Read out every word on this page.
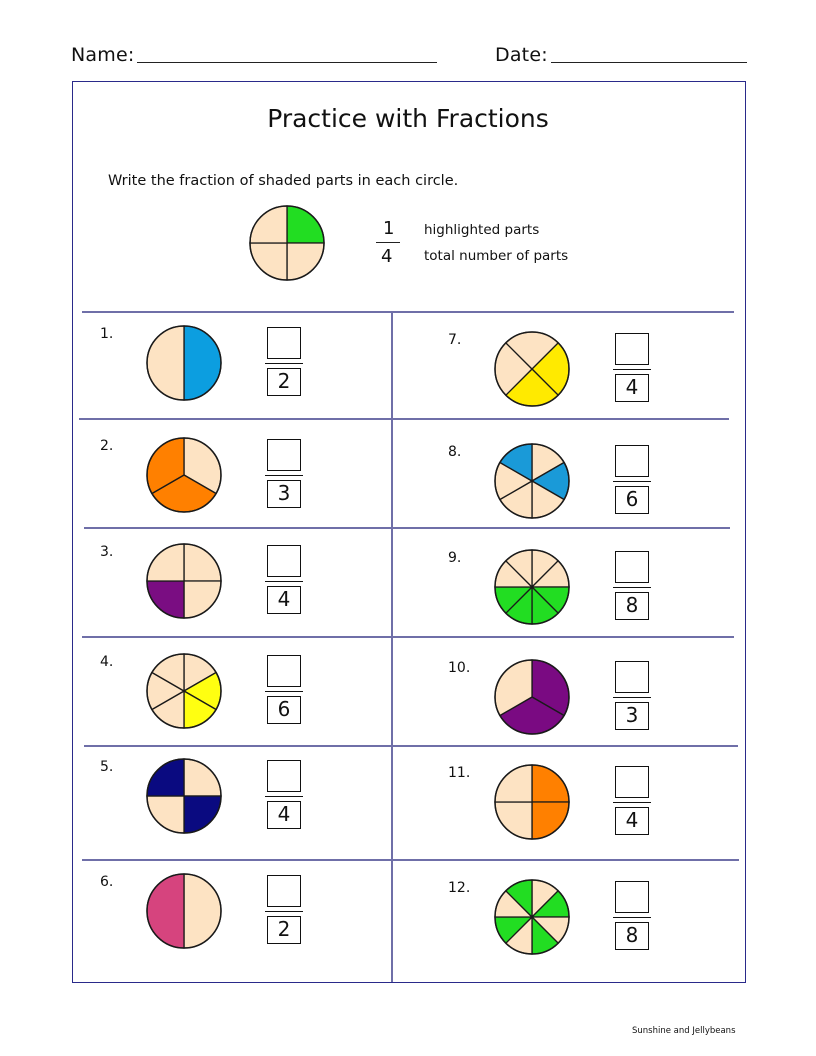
Name:	Date:
Practice with Fractions
Write the fraction of shaded parts in each circle.
1
4
highlighted parts
total number of parts
1.
2
2.
3
3.
4
4.
6
5.
4
6.
2
7.
4
8.
6
9.
8
10.
3
11.
4
12.
8
Sunshine and Jellybeans
